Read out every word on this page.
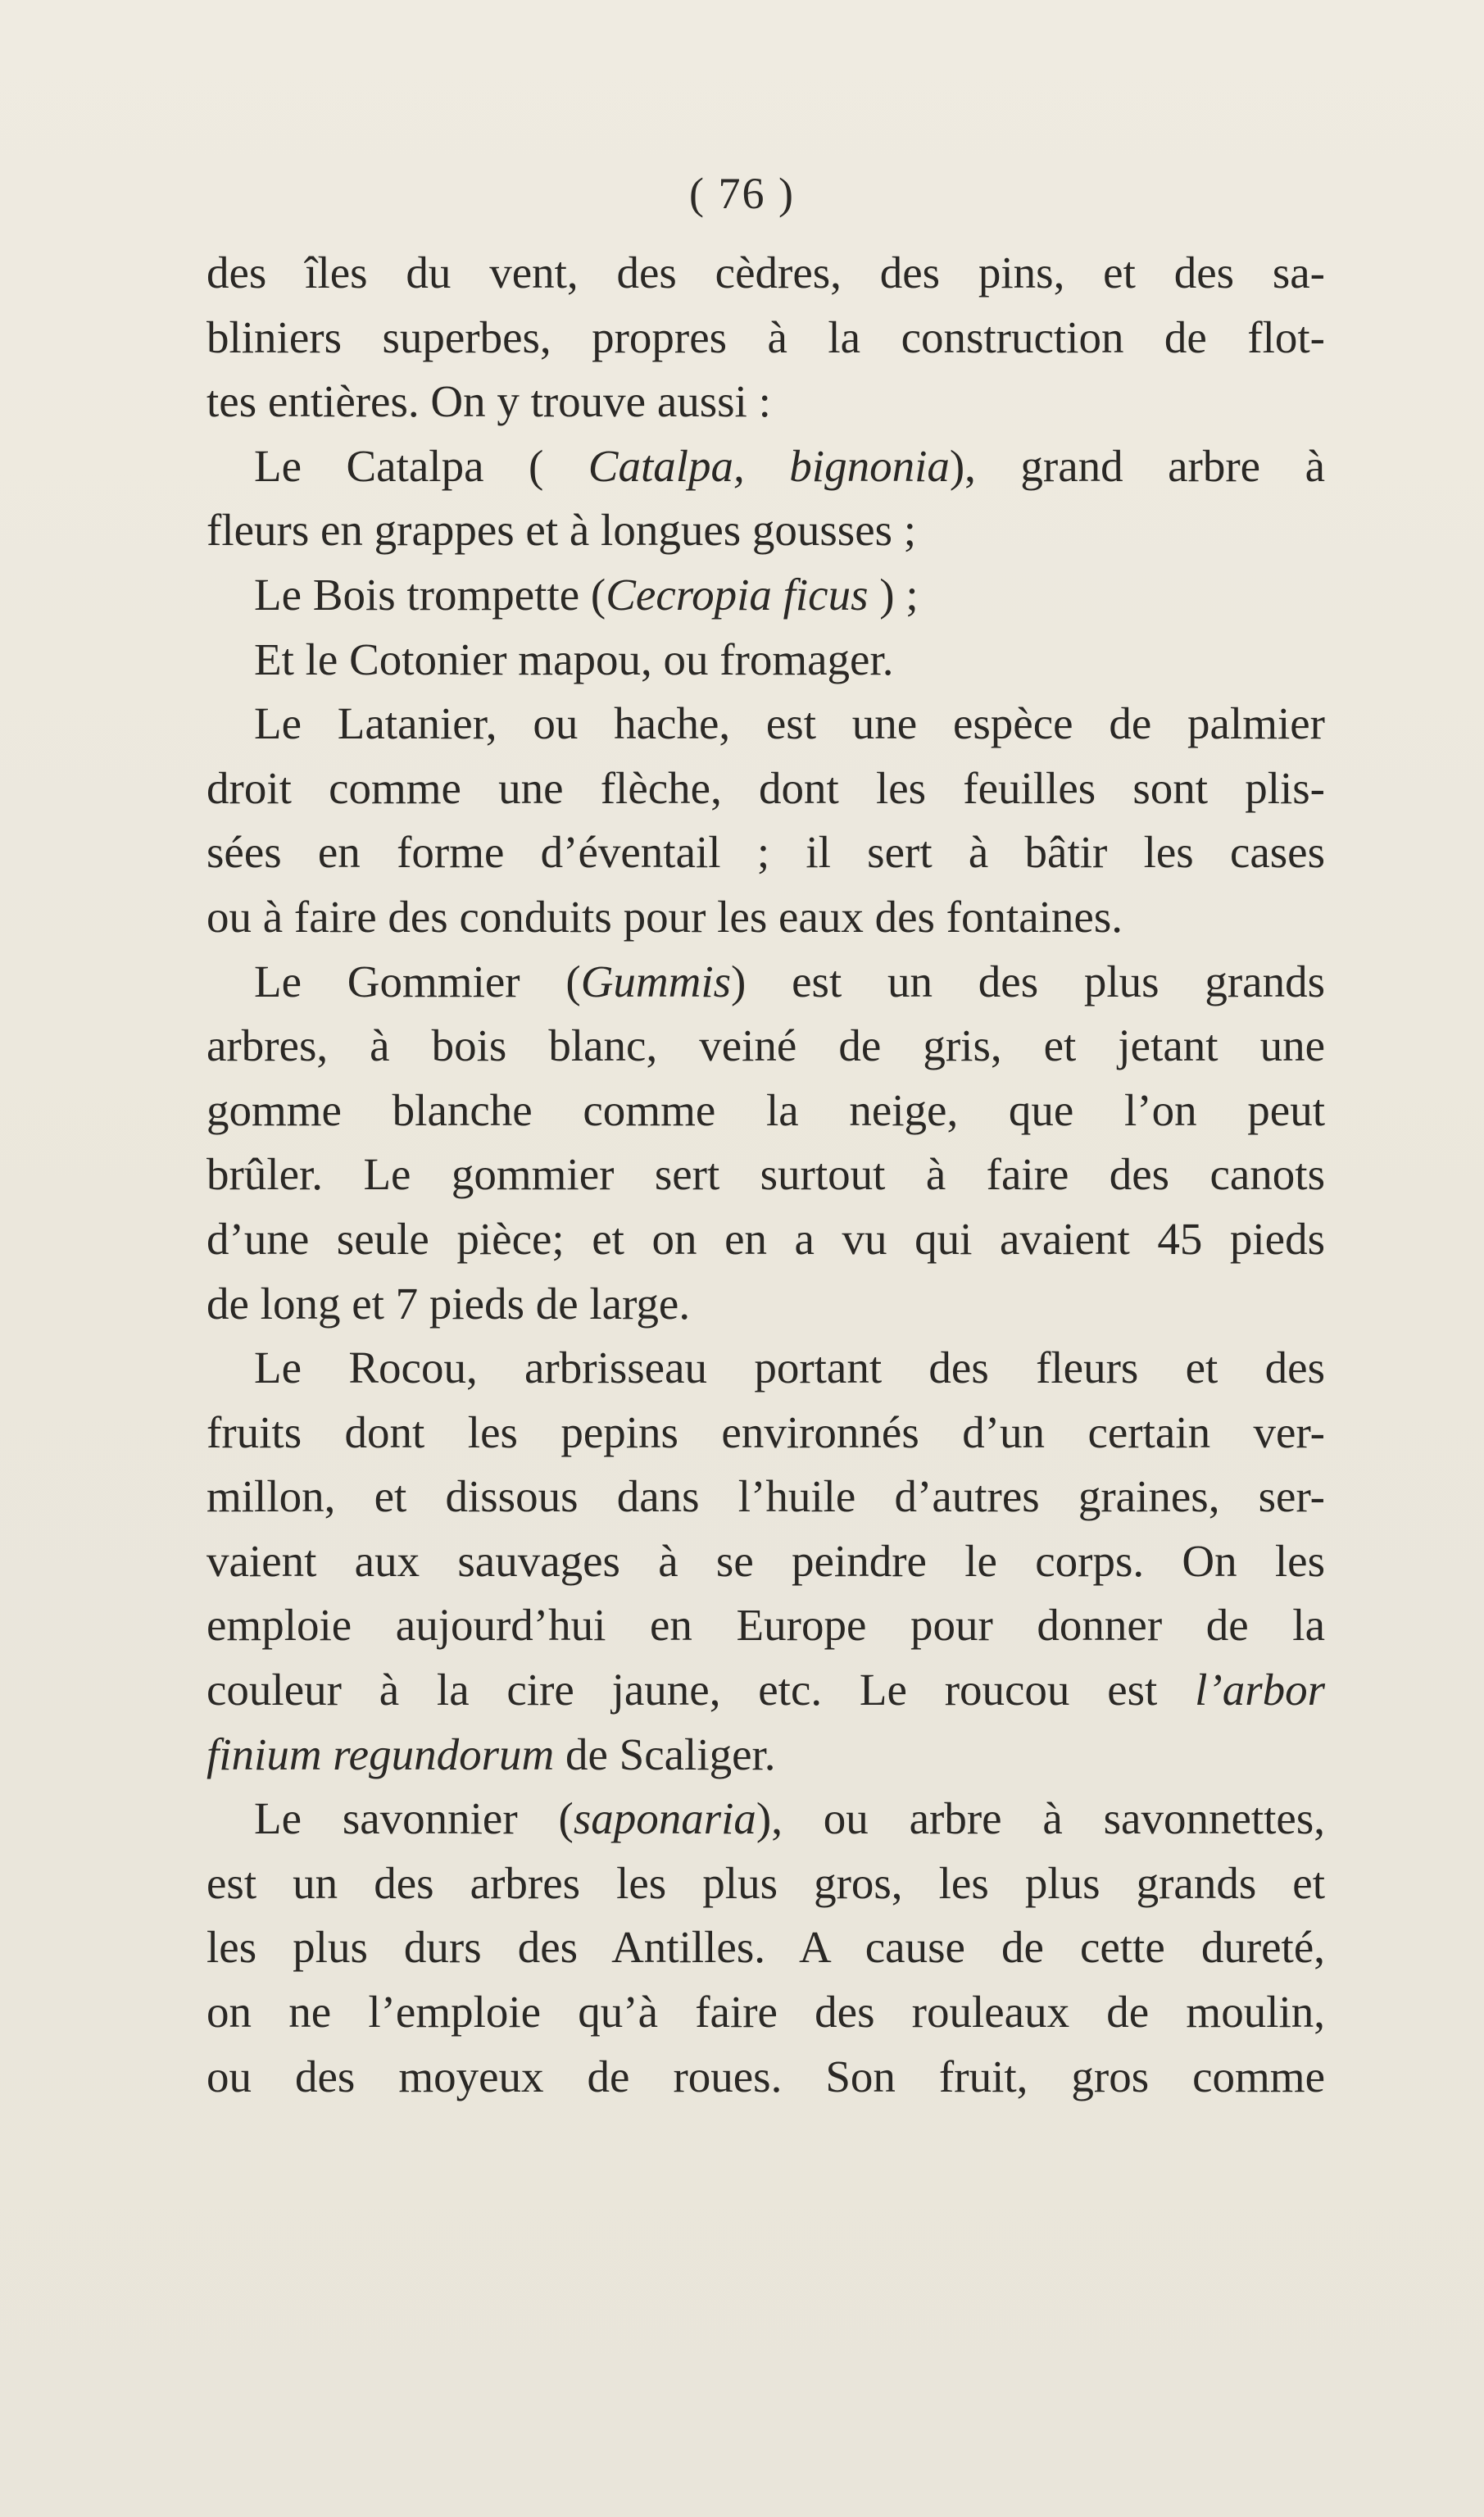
( 76 )
des îles du vent, des cèdres, des pins, et des sa-
bliniers superbes, propres à la construction de flot-
tes entières. On y trouve aussi :
Le Catalpa ( Catalpa, bignonia), grand arbre à
fleurs en grappes et à longues gousses ;
Le Bois trompette (Cecropia ficus ) ;
Et le Cotonier mapou, ou fromager.
Le Latanier, ou hache, est une espèce de palmier
droit comme une flèche, dont les feuilles sont plis-
sées en forme d’éventail ; il sert à bâtir les cases
ou à faire des conduits pour les eaux des fontaines.
Le Gommier (Gummis) est un des plus grands
arbres, à bois blanc, veiné de gris, et jetant une
gomme blanche comme la neige, que l’on peut
brûler. Le gommier sert surtout à faire des canots
d’une seule pièce; et on en a vu qui avaient 45 pieds
de long et 7 pieds de large.
Le Rocou, arbrisseau portant des fleurs et des
fruits dont les pepins environnés d’un certain ver-
millon, et dissous dans l’huile d’autres graines, ser-
vaient aux sauvages à se peindre le corps. On les
emploie aujourd’hui en Europe pour donner de la
couleur à la cire jaune, etc. Le roucou est l’arbor
finium regundorum de Scaliger.
Le savonnier (saponaria), ou arbre à savonnettes,
est un des arbres les plus gros, les plus grands et
les plus durs des Antilles. A cause de cette dureté,
on ne l’emploie qu’à faire des rouleaux de moulin,
ou des moyeux de roues. Son fruit, gros comme
